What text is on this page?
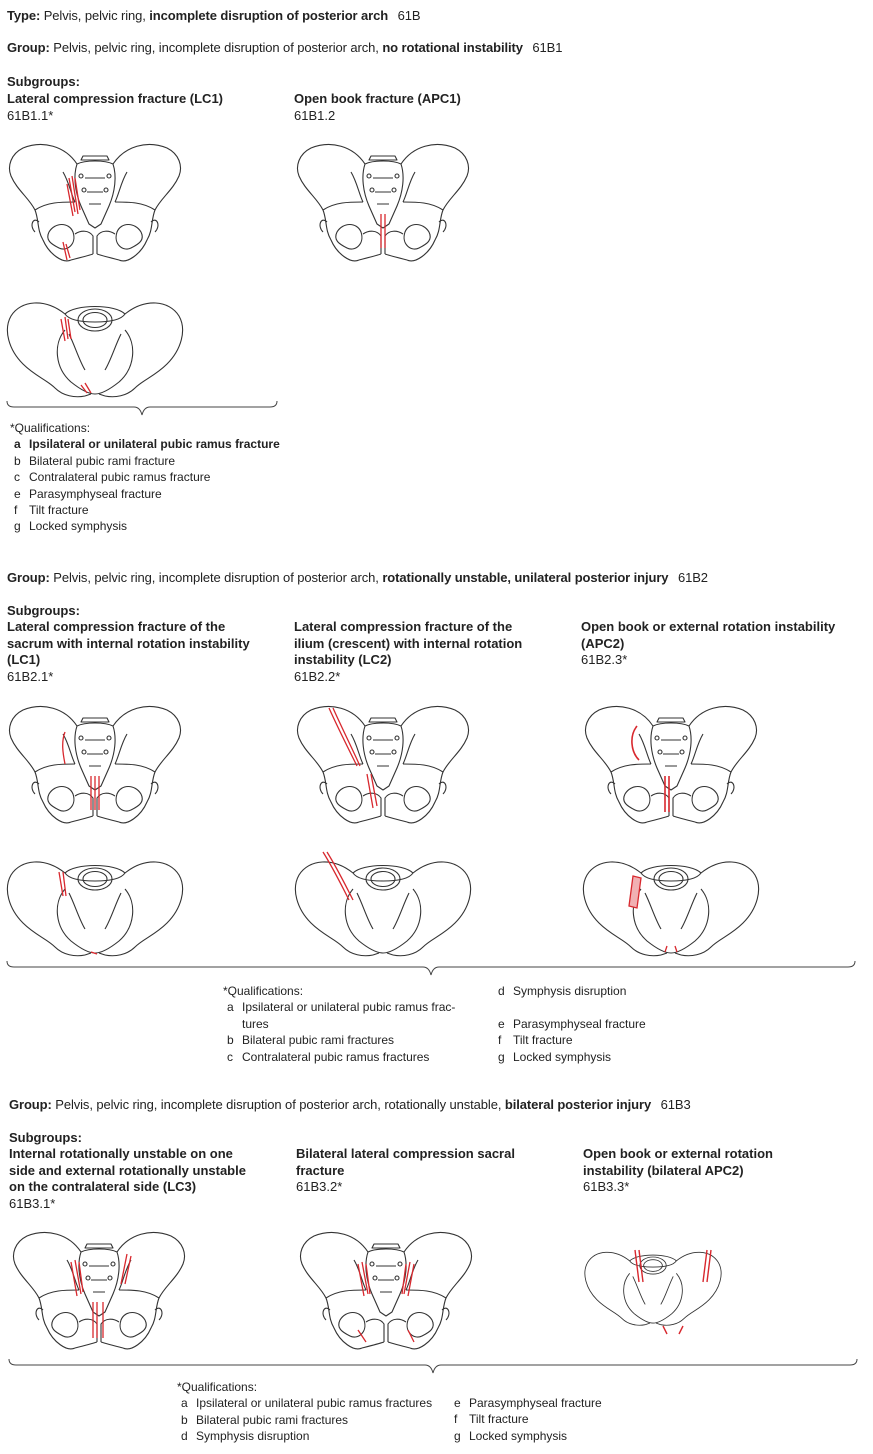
Type: Pelvis, pelvic ring, incomplete disruption of posterior arch 61B
Group: Pelvis, pelvic ring, incomplete disruption of posterior arch, no rotational instability 61B1
Subgroups:
Lateral compression fracture (LC1)
61B1.1*
Open book fracture (APC1)
61B1.2
*Qualifications:
a Ipsilateral or unilateral pubic ramus fracture
b Bilateral pubic rami fracture
c Contralateral pubic ramus fracture
e Parasymphyseal fracture
f Tilt fracture
g Locked symphysis
Group: Pelvis, pelvic ring, incomplete disruption of posterior arch, rotationally unstable, unilateral posterior injury 61B2
Subgroups:
Lateral compression fracture of the
sacrum with internal rotation instability
(LC1)
61B2.1*
Lateral compression fracture of the
ilium (crescent) with internal rotation
instability (LC2)
61B2.2*
Open book or external rotation instability
(APC2)
61B2.3*
*Qualifications:
a Ipsilateral or unilateral pubic ramus frac-
tures
b Bilateral pubic rami fractures
c Contralateral pubic ramus fractures
d Symphysis disruption
e Parasymphyseal fracture
f Tilt fracture
g Locked symphysis
Group: Pelvis, pelvic ring, incomplete disruption of posterior arch, rotationally unstable, bilateral posterior injury 61B3
Subgroups:
Internal rotationally unstable on one
side and external rotationally unstable
on the contralateral side (LC3)
61B3.1*
Bilateral lateral compression sacral
fracture
61B3.2*
Open book or external rotation
instability (bilateral APC2)
61B3.3*
*Qualifications:
a Ipsilateral or unilateral pubic ramus fractures
b Bilateral pubic rami fractures
d Symphysis disruption
e Parasymphyseal fracture
f Tilt fracture
g Locked symphysis
